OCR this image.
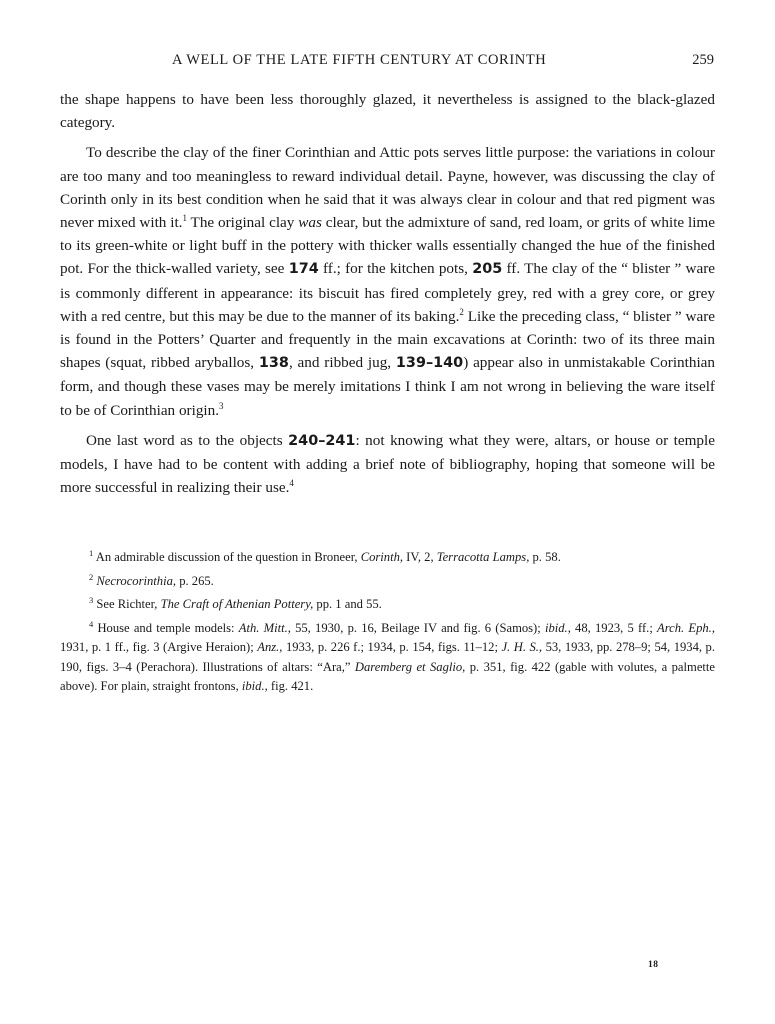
A WELL OF THE LATE FIFTH CENTURY AT CORINTH	259

the shape happens to have been less thoroughly glazed, it nevertheless is assigned to the black-glazed category.

To describe the clay of the finer Corinthian and Attic pots serves little purpose: the variations in colour are too many and too meaningless to reward individual detail. Payne, however, was discussing the clay of Corinth only in its best condition when he said that it was always clear in colour and that red pigment was never mixed with it.$^1$ The original clay was clear, but the admixture of sand, red loam, or grits of white lime to its green-white or light buff in the pottery with thicker walls essentially changed the hue of the finished pot. For the thick-walled variety, see 174 ff.; for the kitchen pots, 205 ff. The clay of the “ blister ” ware is commonly different in appearance: its biscuit has fired completely grey, red with a grey core, or grey with a red centre, but this may be due to the manner of its baking.$^2$ Like the preceding class, “ blister ” ware is found in the Potters’ Quarter and frequently in the main excavations at Corinth: two of its three main shapes (squat, ribbed aryballos, 138, and ribbed jug, 139–140) appear also in unmistakable Corinthian form, and though these vases may be merely imitations I think I am not wrong in believing the ware itself to be of Corinthian origin.$^3$

One last word as to the objects 240–241: not knowing what they were, altars, or house or temple models, I have had to be content with adding a brief note of bibliography, hoping that someone will be more successful in realizing their use.$^4$

$^1$ An admirable discussion of the question in Broneer, Corinth, IV, 2, Terracotta Lamps, p. 58.

$^2$ Necrocorinthia, p. 265.

$^3$ See Richter, The Craft of Athenian Pottery, pp. 1 and 55.

$^4$ House and temple models: Ath. Mitt., 55, 1930, p. 16, Beilage IV and fig. 6 (Samos); ibid., 48, 1923, 5 ff.; Arch. Eph., 1931, p. 1 ff., fig. 3 (Argive Heraion); Anz., 1933, p. 226 f.; 1934, p. 154, figs. 11–12; J. H. S., 53, 1933, pp. 278–9; 54, 1934, p. 190, figs. 3–4 (Perachora). Illustrations of altars: “Ara,” Daremberg et Saglio, p. 351, fig. 422 (gable with volutes, a palmette above). For plain, straight frontons, ibid., fig. 421.

18
